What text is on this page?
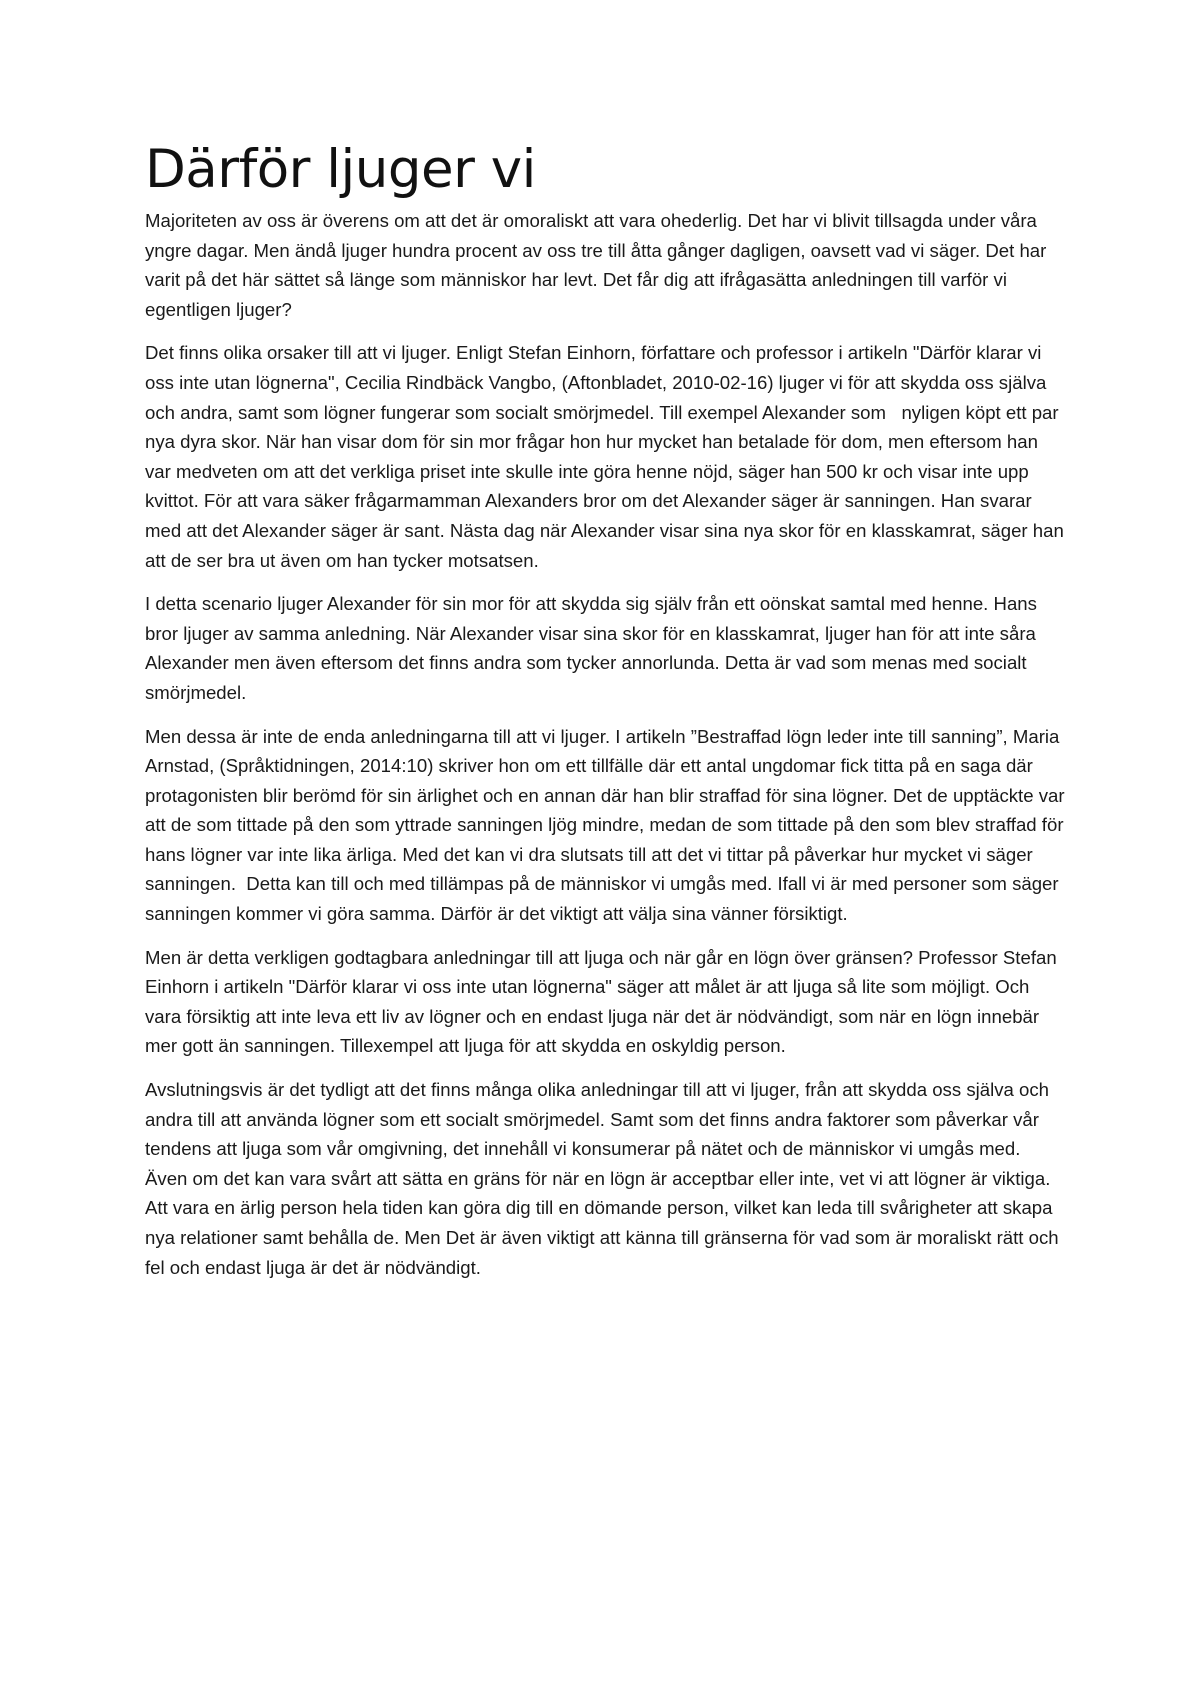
Därför ljuger vi

Majoriteten av oss är överens om att det är omoraliskt att vara ohederlig. Det har vi blivit tillsagda under våra yngre dagar. Men ändå ljuger hundra procent av oss tre till åtta gånger dagligen, oavsett vad vi säger. Det har varit på det här sättet så länge som människor har levt. Det får dig att ifrågasätta anledningen till varför vi egentligen ljuger?

Det finns olika orsaker till att vi ljuger. Enligt Stefan Einhorn, författare och professor i artikeln "Därför klarar vi oss inte utan lögnerna", Cecilia Rindbäck Vangbo, (Aftonbladet, 2010-02-16) ljuger vi för att skydda oss själva och andra, samt som lögner fungerar som socialt smörjmedel. Till exempel Alexander som   nyligen köpt ett par nya dyra skor. När han visar dom för sin mor frågar hon hur mycket han betalade för dom, men eftersom han var medveten om att det verkliga priset inte skulle inte göra henne nöjd, säger han 500 kr och visar inte upp kvittot. För att vara säker frågarmamman Alexanders bror om det Alexander säger är sanningen. Han svarar  med att det Alexander säger är sant. Nästa dag när Alexander visar sina nya skor för en klasskamrat, säger han att de ser bra ut även om han tycker motsatsen.

I detta scenario ljuger Alexander för sin mor för att skydda sig själv från ett oönskat samtal med henne. Hans bror ljuger av samma anledning. När Alexander visar sina skor för en klasskamrat, ljuger han för att inte såra Alexander men även eftersom det finns andra som tycker annorlunda. Detta är vad som menas med socialt smörjmedel.

Men dessa är inte de enda anledningarna till att vi ljuger. I artikeln ”Bestraffad lögn leder inte till sanning”, Maria Arnstad, (Språktidningen, 2014:10) skriver hon om ett tillfälle där ett antal ungdomar fick titta på en saga där protagonisten blir berömd för sin ärlighet och en annan där han blir straffad för sina lögner. Det de upptäckte var att de som tittade på den som yttrade sanningen ljög mindre, medan de som tittade på den som blev straffad för hans lögner var inte lika ärliga. Med det kan vi dra slutsats till att det vi tittar på påverkar hur mycket vi säger sanningen.  Detta kan till och med tillämpas på de människor vi umgås med. Ifall vi är med personer som säger sanningen kommer vi göra samma. Därför är det viktigt att välja sina vänner försiktigt.

Men är detta verkligen godtagbara anledningar till att ljuga och när går en lögn över gränsen? Professor Stefan Einhorn i artikeln "Därför klarar vi oss inte utan lögnerna" säger att målet är att ljuga så lite som möjligt. Och vara försiktig att inte leva ett liv av lögner och en endast ljuga när det är nödvändigt, som när en lögn innebär mer gott än sanningen. Tillexempel att ljuga för att skydda en oskyldig person.

Avslutningsvis är det tydligt att det finns många olika anledningar till att vi ljuger, från att skydda oss själva och andra till att använda lögner som ett socialt smörjmedel. Samt som det finns andra faktorer som påverkar vår tendens att ljuga som vår omgivning, det innehåll vi konsumerar på nätet och de människor vi umgås med. Även om det kan vara svårt att sätta en gräns för när en lögn är acceptbar eller inte, vet vi att lögner är viktiga. Att vara en ärlig person hela tiden kan göra dig till en dömande person, vilket kan leda till svårigheter att skapa nya relationer samt behålla de. Men Det är även viktigt att känna till gränserna för vad som är moraliskt rätt och fel och endast ljuga är det är nödvändigt.
